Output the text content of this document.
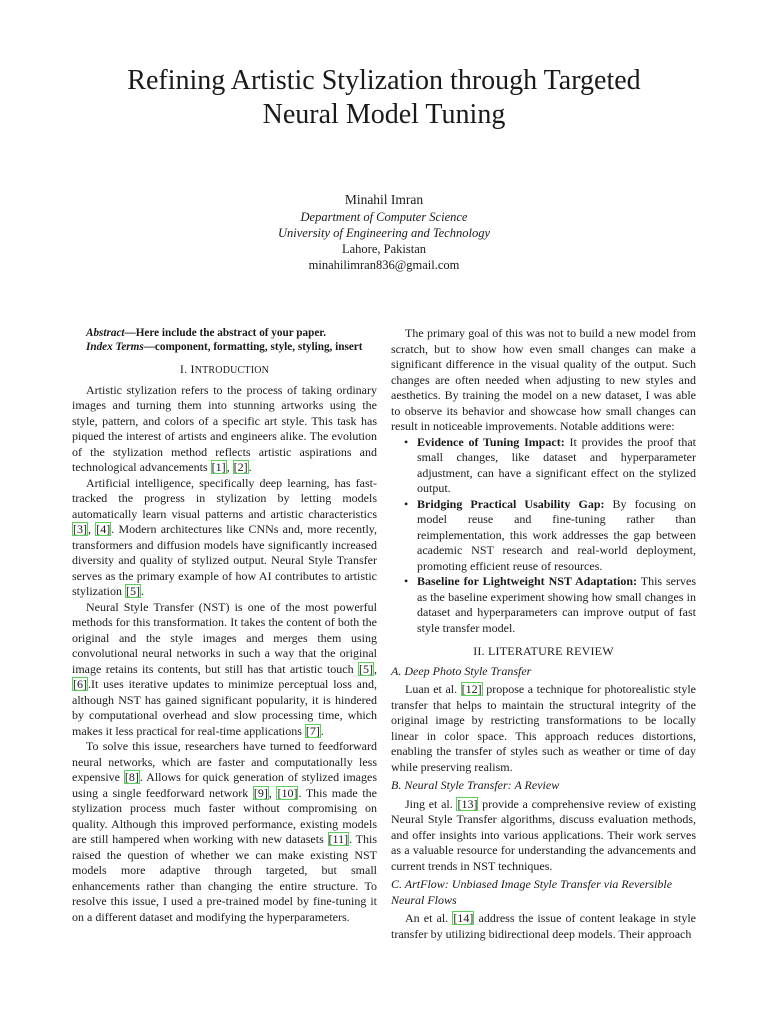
Refining Artistic Stylization through Targeted
Neural Model Tuning
Minahil Imran
Department of Computer Science
University of Engineering and Technology
Lahore, Pakistan
minahilimran836@gmail.com
Abstract—Here include the abstract of your paper.
Index Terms—component, formatting, style, styling, insert
I. INTRODUCTION

Artistic stylization refers to the process of taking ordinary images and turning them into stunning artworks using the style, pattern, and colors of a specific art style. This task has piqued the interest of artists and engineers alike. The evolution of the stylization method reflects artistic aspirations and technological advancements [1], [2].

Artificial intelligence, specifically deep learning, has fast-tracked the progress in stylization by letting models automatically learn visual patterns and artistic characteristics [3], [4]. Modern architectures like CNNs and, more recently, transformers and diffusion models have significantly increased diversity and quality of stylized output. Neural Style Transfer serves as the primary example of how AI contributes to artistic stylization [5].

Neural Style Transfer (NST) is one of the most powerful methods for this transformation. It takes the content of both the original and the style images and merges them using convolutional neural networks in such a way that the original image retains its contents, but still has that artistic touch [5], [6].It uses iterative updates to minimize perceptual loss and, although NST has gained significant popularity, it is hindered by computational overhead and slow processing time, which makes it less practical for real-time applications [7].

To solve this issue, researchers have turned to feedforward neural networks, which are faster and computationally less expensive [8]. Allows for quick generation of stylized images using a single feedforward network [9], [10]. This made the stylization process much faster without compromising on quality. Although this improved performance, existing models are still hampered when working with new datasets [11]. This raised the question of whether we can make existing NST models more adaptive through targeted, but small enhancements rather than changing the entire structure. To resolve this issue, I used a pre-trained model by fine-tuning it on a different dataset and modifying the hyperparameters.

The primary goal of this was not to build a new model from scratch, but to show how even small changes can make a significant difference in the visual quality of the output. Such changes are often needed when adjusting to new styles and aesthetics. By training the model on a new dataset, I was able to observe its behavior and showcase how small changes can result in noticeable improvements. Notable additions were:

• Evidence of Tuning Impact: It provides the proof that small changes, like dataset and hyperparameter adjustment, can have a significant effect on the stylized output.
• Bridging Practical Usability Gap: By focusing on model reuse and fine-tuning rather than reimplementation, this work addresses the gap between academic NST research and real-world deployment, promoting efficient reuse of resources.
• Baseline for Lightweight NST Adaptation: This serves as the baseline experiment showing how small changes in dataset and hyperparameters can improve output of fast style transfer model.
II. LITERATURE REVIEW
A. Deep Photo Style Transfer

Luan et al. [12] propose a technique for photorealistic style transfer that helps to maintain the structural integrity of the original image by restricting transformations to be locally linear in color space. This approach reduces distortions, enabling the transfer of styles such as weather or time of day while preserving realism.

B. Neural Style Transfer: A Review

Jing et al. [13] provide a comprehensive review of existing Neural Style Transfer algorithms, discuss evaluation methods, and offer insights into various applications. Their work serves as a valuable resource for understanding the advancements and current trends in NST techniques.

C. ArtFlow: Unbiased Image Style Transfer via Reversible Neural Flows

An et al. [14] address the issue of content leakage in style transfer by utilizing bidirectional deep models. Their approach
